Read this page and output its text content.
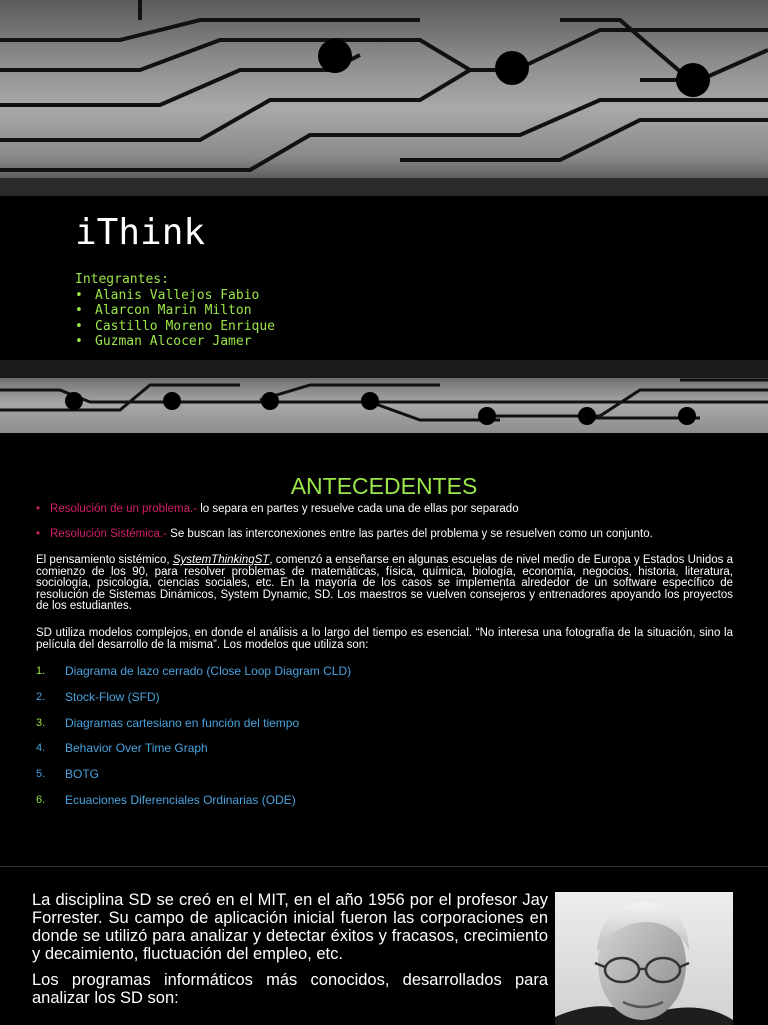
iThink
Integrantes:
• Alanis Vallejos Fabio
• Alarcon Marin Milton
• Castillo Moreno Enrique
• Guzman Alcocer Jamer
ANTECEDENTES

• Resolución de un problema.- lo separa en partes y resuelve cada una de ellas por separado

• Resolución Sistémica.- Se buscan las interconexiones entre las partes del problema y se resuelven como un conjunto.

El pensamiento sistémico, SystemThinkingST, comenzó a enseñarse en algunas escuelas de nivel medio de Europa y Estados Unidos a comienzo de los 90, para resolver problemas de matemáticas, física, química, biología, economía, negocios, historia, literatura, sociología, psicología, ciencias sociales, etc. En la mayoría de los casos se implementa alrededor de un software específico de resolución de Sistemas Dinámicos, System Dynamic, SD. Los maestros se vuelven consejeros y entrenadores apoyando los proyectos de los estudiantes.

SD utiliza modelos complejos, en donde el análisis a lo largo del tiempo es esencial. “No interesa una fotografía de la situación, sino la película del desarrollo de la misma”. Los modelos que utiliza son:

1. Diagrama de lazo cerrado (Close Loop Diagram CLD)
2. Stock-Flow (SFD)
3. Diagramas cartesiano en función del tiempo
4. Behavior Over Time Graph
5. BOTG
6. Ecuaciones Diferenciales Ordinarias (ODE)

La disciplina SD se creó en el MIT, en el año 1956 por el profesor Jay Forrester. Su campo de aplicación inicial fueron las corporaciones en donde se utilizó para analizar y detectar éxitos y fracasos, crecimiento y decaimiento, fluctuación del empleo, etc.

Los programas informáticos más conocidos, desarrollados para analizar los SD son:
